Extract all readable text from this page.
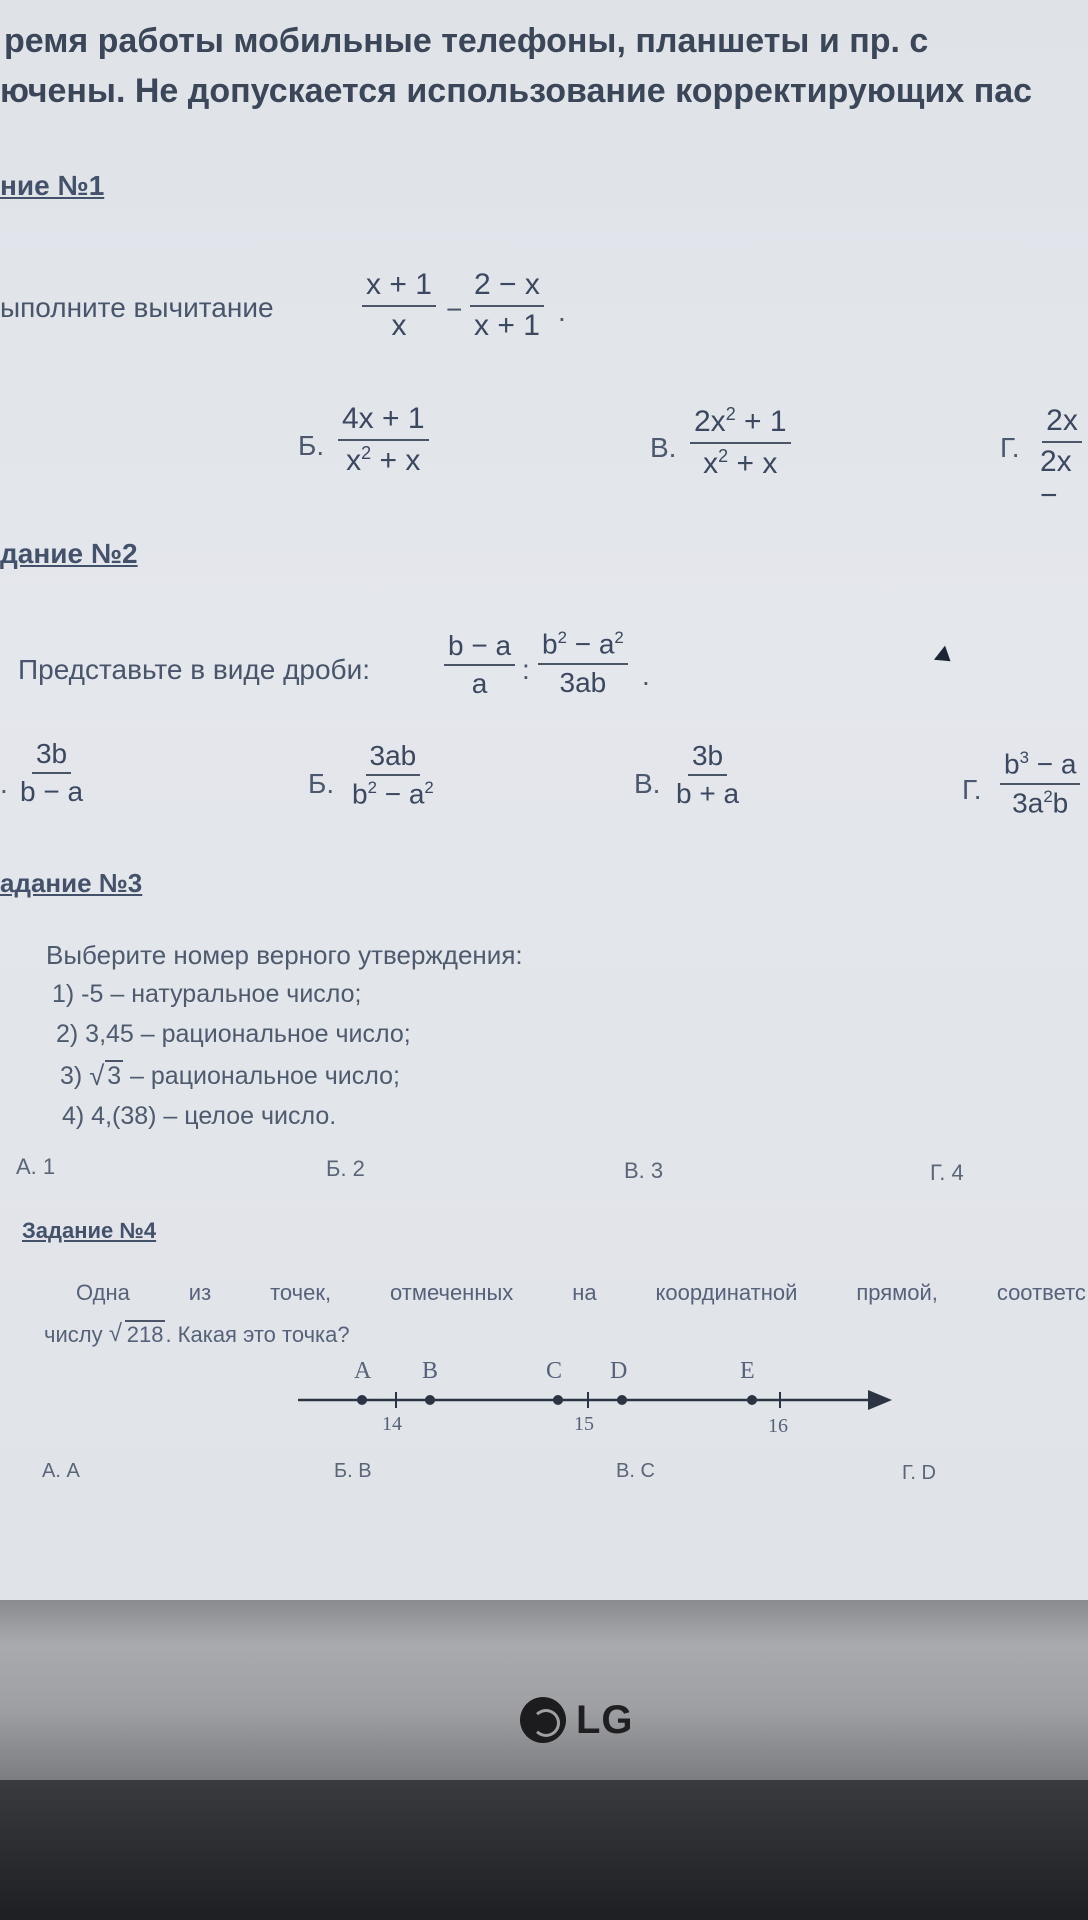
ремя работы мобильные телефоны, планшеты и пр. с
ючены. Не допускается использование корректирующих пас
ние №1
ыполните вычитание	$\frac{x + 1}{x} - \frac{2 - x}{x + 1}$ .
Б. $\frac{4x + 1}{x^2 + x}$	В. $\frac{2x^2 + 1}{x^2 + x}$	Г. $\frac{2x}{2x -}$
дание №2
Представьте в виде дроби:	$\frac{b - a}{a}$ : $\frac{b^2 - a^2}{3ab}$ .
. $\frac{3b}{b - a}$	Б. $\frac{3ab}{b^2 - a^2}$	В. $\frac{3b}{b + a}$	Г. $\frac{b^3 - a}{3a^2b}$
адание №3
Выберите номер верного утверждения:
1) -5 – натуральное число;
2) 3,45 – рациональное число;
3) √ 3 – рациональное число;
4) 4,(38) – целое число.
А. 1	Б. 2	В. 3	Г. 4
Задание №4
Одна	из	точек,	отмеченных	на	координатной	прямой,	соответс
числу √ 218. Какая это точка?
A B	C D	E
14	15	16
А. А	Б. В	В. С	Г. D
LG
